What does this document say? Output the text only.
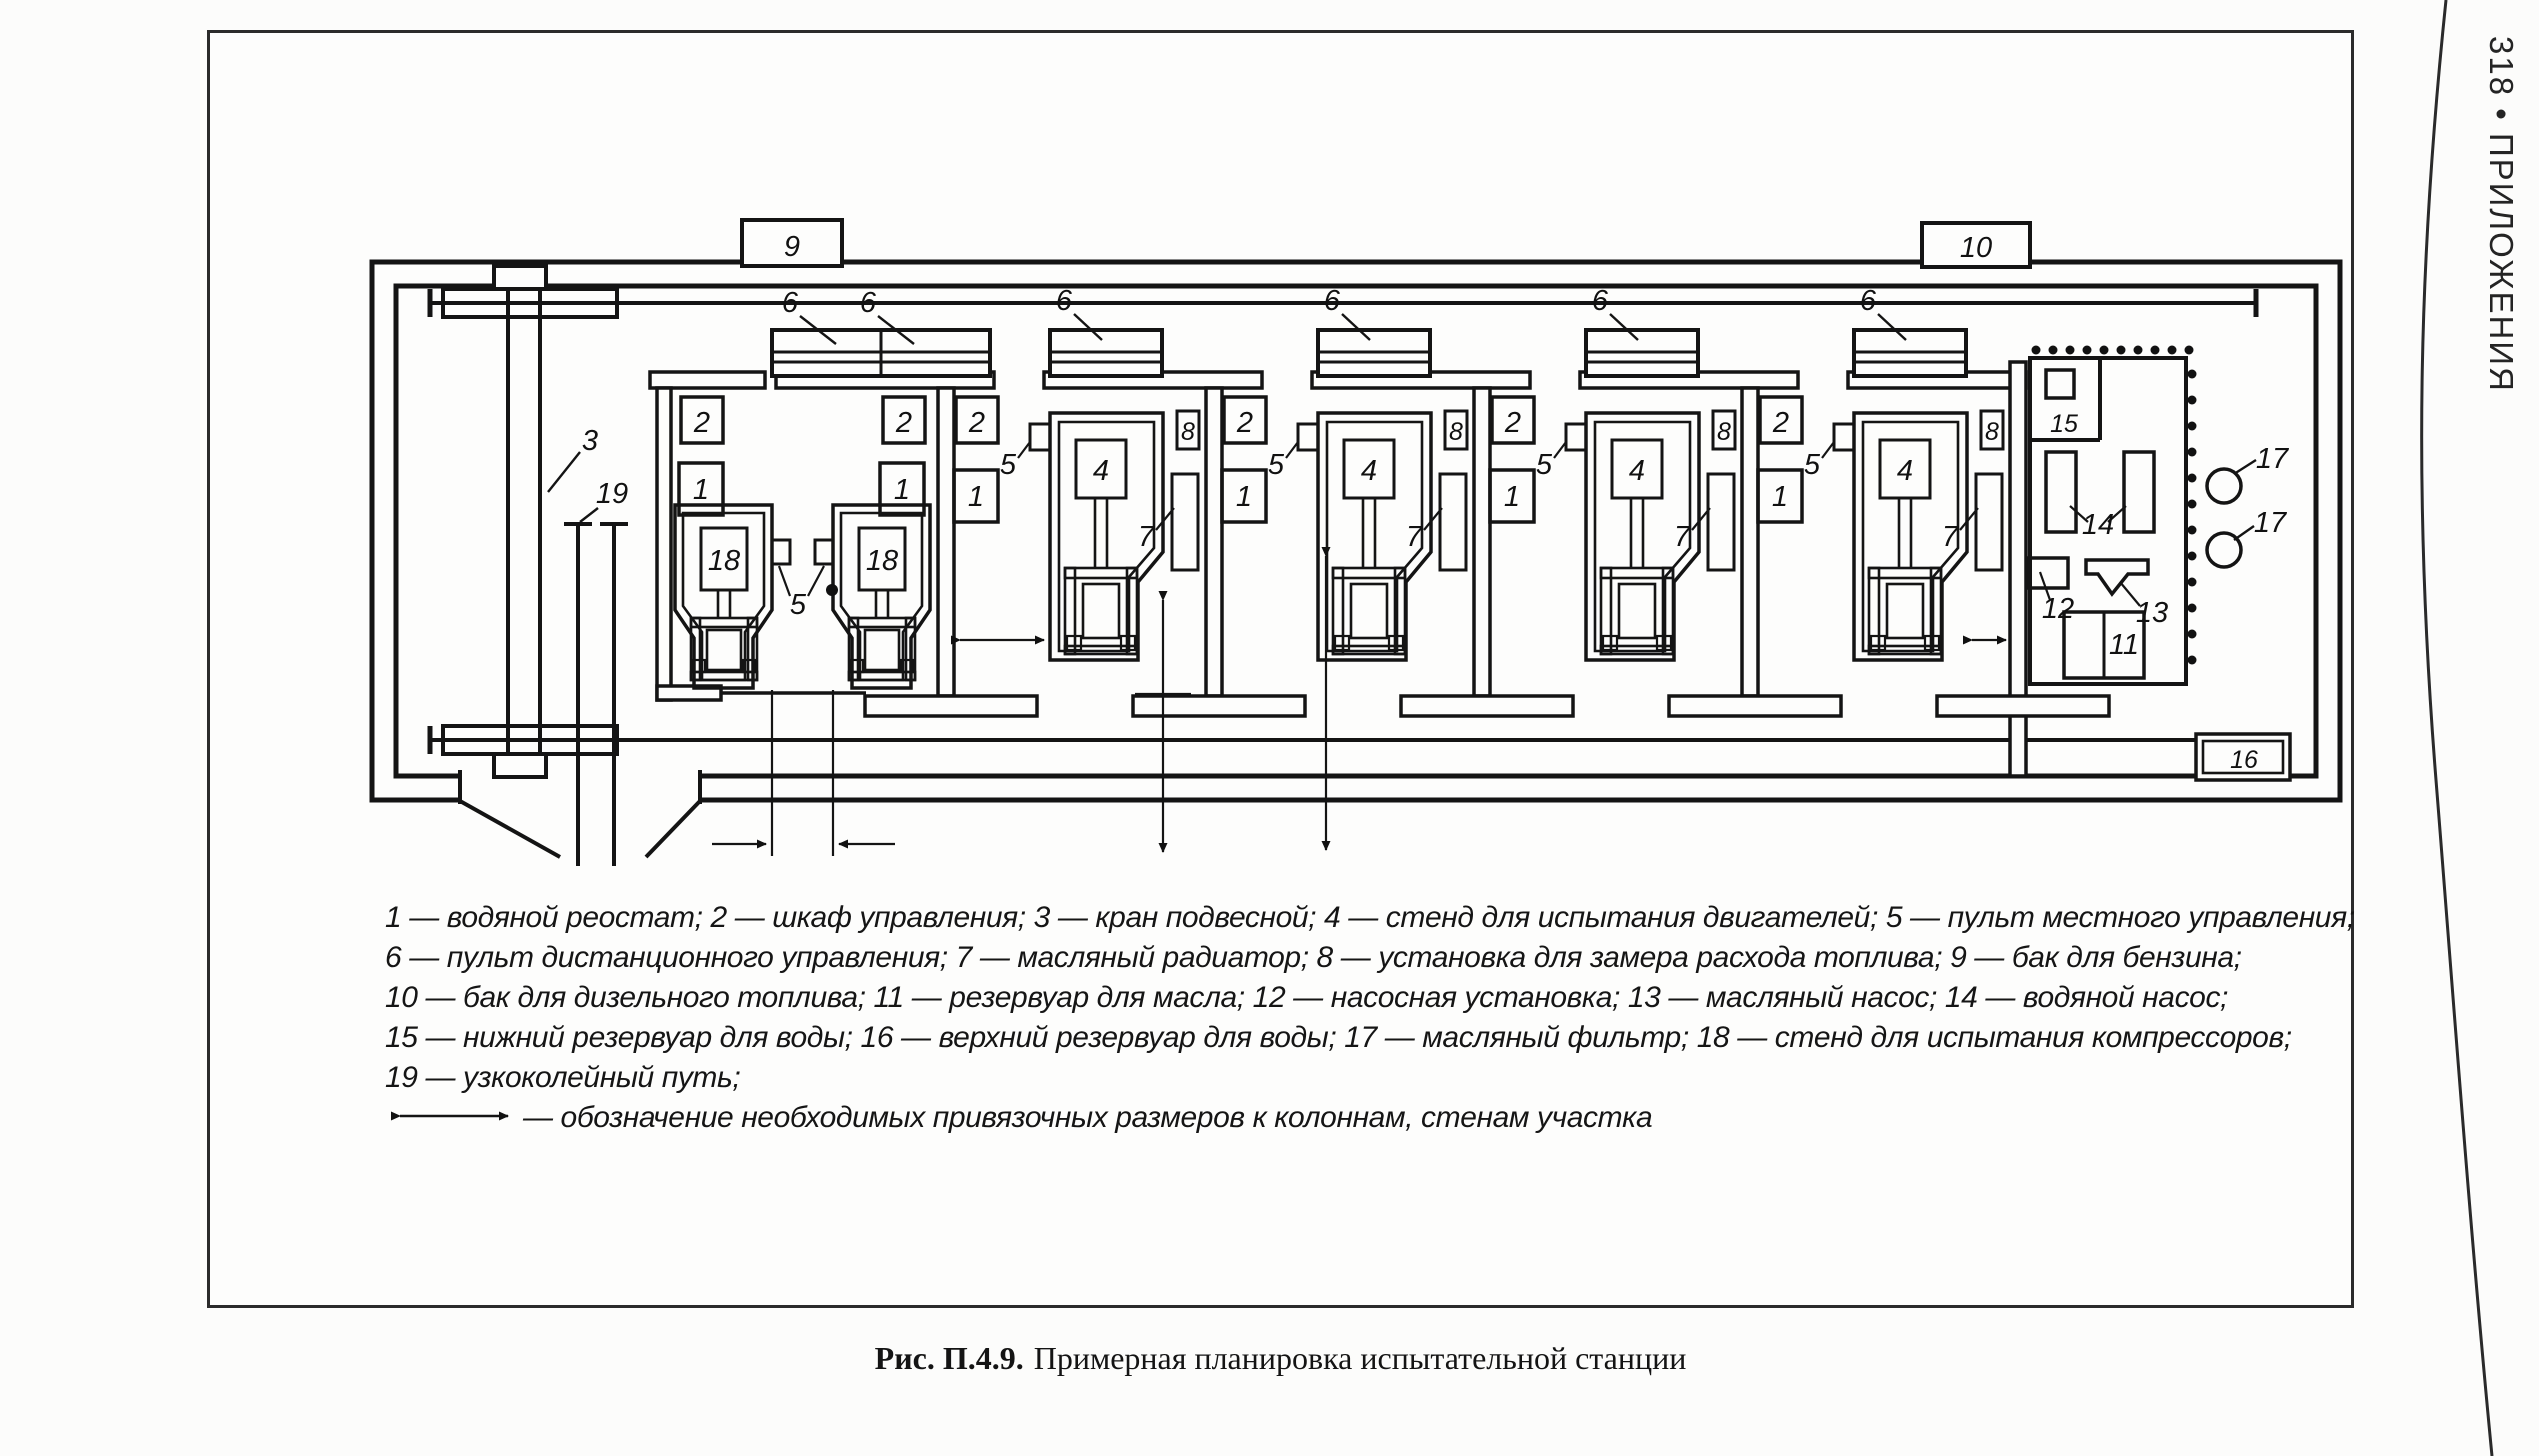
9	10
6 6	6	6	6	6
3
19
2	2
1	1
18	18
5
2
1
4
5
8
7
2
1
4
5
8
7
2
1
4
5
8
7
2
1
4
5
8
7
15
14
12 13
11
16
17
17
1 — водяной реостат; 2 — шкаф управления; 3 — кран подвесной; 4 — стенд для испытания двигателей; 5 — пульт местного управления;
6 — пульт дистанционного управления; 7 — масляный радиатор; 8 — установка для замера расхода топлива; 9 — бак для бензина;
10 — бак для дизельного топлива; 11 — резервуар для масла; 12 — насосная установка; 13 — масляный насос; 14 — водяной насос;
15 — нижний резервуар для воды; 16 — верхний резервуар для воды; 17 — масляный фильтр; 18 — стенд для испытания компрессоров;
19 — узкоколейный путь;
— обозначение необходимых привязочных размеров к колоннам, стенам участка
Рис. П.4.9. Примерная планировка испытательной станции
318 • ПРИЛОЖЕНИЯ
